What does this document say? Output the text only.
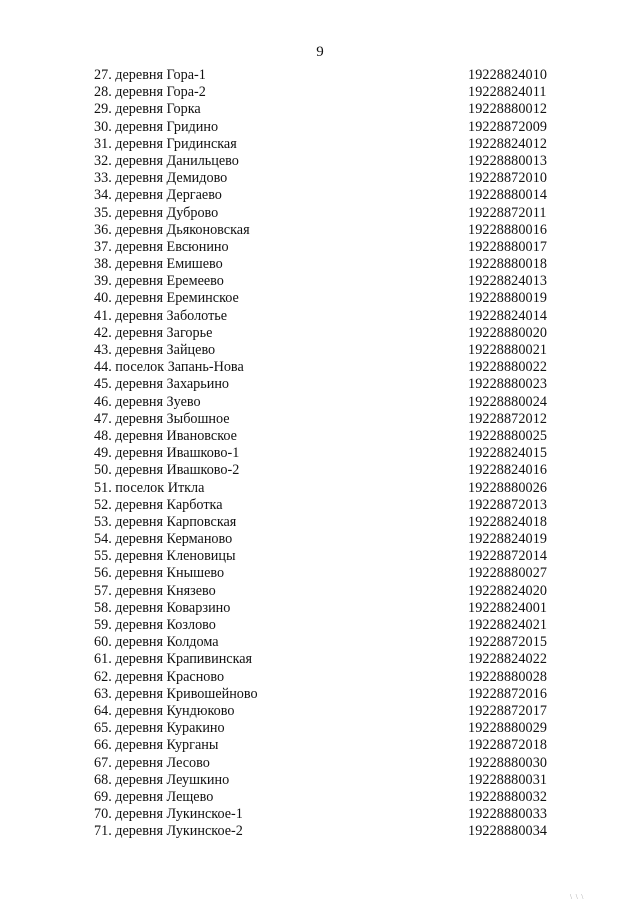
9
27. деревня Гора-1	19228824010
28. деревня Гора-2	19228824011
29. деревня Горка	19228880012
30. деревня Гридино	19228872009
31. деревня Гридинская	19228824012
32. деревня Данильцево	19228880013
33. деревня Демидово	19228872010
34. деревня Дергаево	19228880014
35. деревня Дуброво	19228872011
36. деревня Дьяконовская	19228880016
37. деревня Евсюнино	19228880017
38. деревня Емишево	19228880018
39. деревня Еремеево	19228824013
40. деревня Ереминское	19228880019
41. деревня Заболотье	19228824014
42. деревня Загорье	19228880020
43. деревня Зайцево	19228880021
44. поселок Запань-Нова	19228880022
45. деревня Захарьино	19228880023
46. деревня Зуево	19228880024
47. деревня Зыбошное	19228872012
48. деревня Ивановское	19228880025
49. деревня Ивашково-1	19228824015
50. деревня Ивашково-2	19228824016
51. поселок Иткла	19228880026
52. деревня Карботка	19228872013
53. деревня Карповская	19228824018
54. деревня Керманово	19228824019
55. деревня Кленовицы	19228872014
56. деревня Кнышево	19228880027
57. деревня Князево	19228824020
58. деревня Коварзино	19228824001
59. деревня Козлово	19228824021
60. деревня Колдома	19228872015
61. деревня Крапивинская	19228824022
62. деревня Красново	19228880028
63. деревня Кривошейново	19228872016
64. деревня Кундюково	19228872017
65. деревня Куракино	19228880029
66. деревня Курганы	19228872018
67. деревня Лесово	19228880030
68. деревня Леушкино	19228880031
69. деревня Лещево	19228880032
70. деревня Лукинское-1	19228880033
71. деревня Лукинское-2	19228880034
\ \ \
